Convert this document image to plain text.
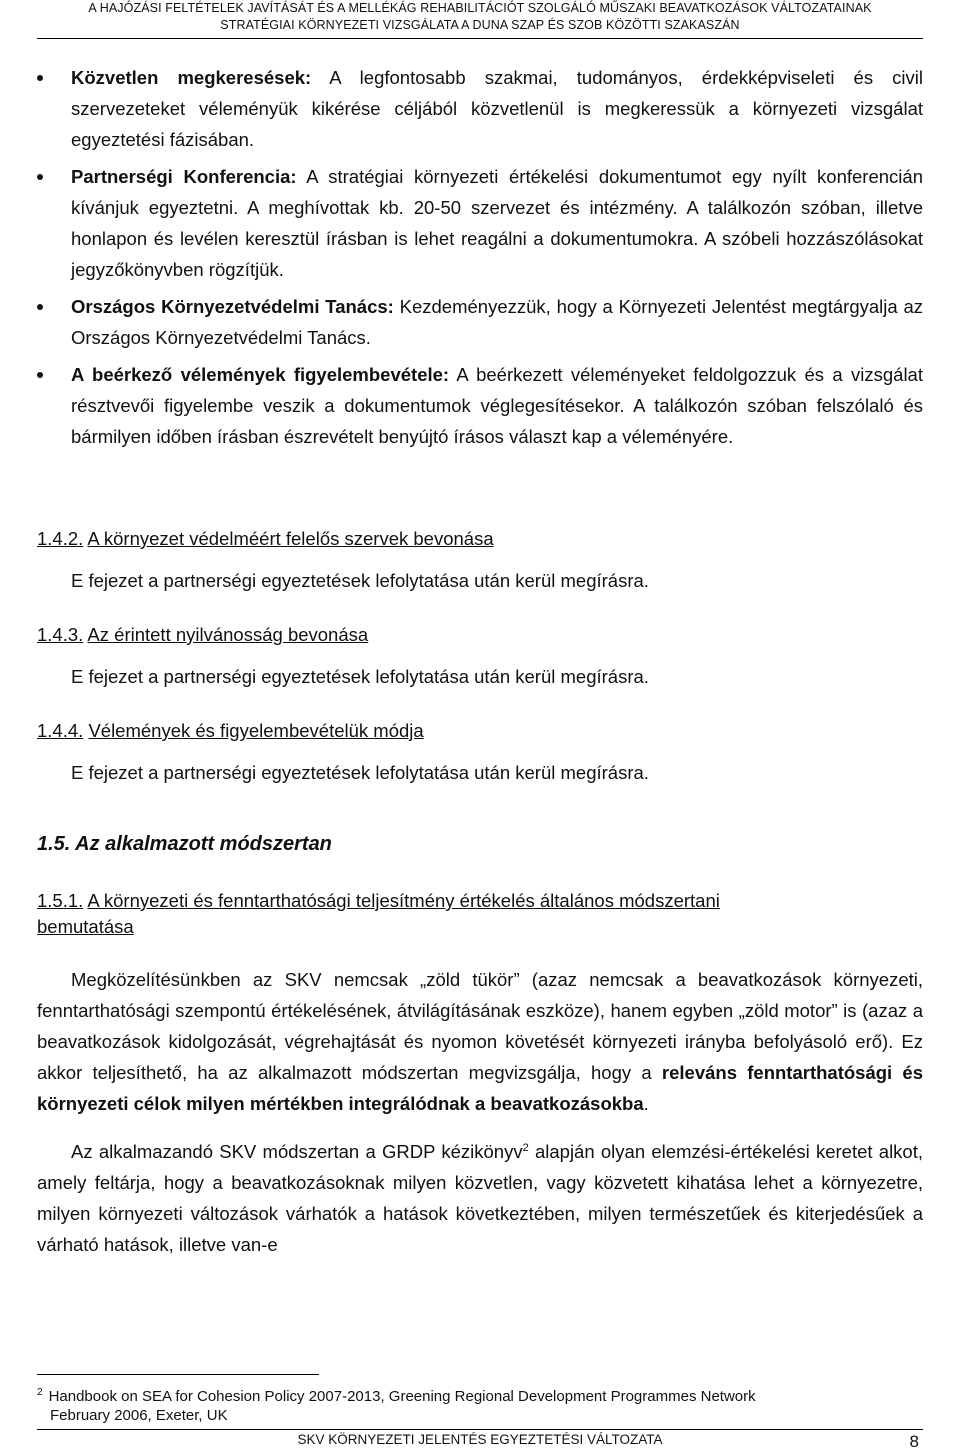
A HAJÓZÁSI FELTÉTELEK JAVÍTÁSÁT ÉS A MELLÉKÁG REHABILITÁCIÓT SZOLGÁLÓ MŰSZAKI BEAVATKOZÁSOK VÁLTOZATAINAK
STRATÉGIAI KÖRNYEZETI VIZSGÁLATA A DUNA SZAP ÉS SZOB KÖZÖTTI SZAKASZÁN
Közvetlen megkeresések: A legfontosabb szakmai, tudományos, érdekképviseleti és civil szervezeteket véleményük kikérése céljából közvetlenül is megkeressük a környezeti vizsgálat egyeztetési fázisában.
Partnerségi Konferencia: A stratégiai környezeti értékelési dokumentumot egy nyílt konferencián kívánjuk egyeztetni. A meghívottak kb. 20-50 szervezet és intézmény. A találkozón szóban, illetve honlapon és levélen keresztül írásban is lehet reagálni a dokumentumokra. A szóbeli hozzászólásokat jegyzőkönyvben rögzítjük.
Országos Környezetvédelmi Tanács: Kezdeményezzük, hogy a Környezeti Jelentést megtárgyalja az Országos Környezetvédelmi Tanács.
A beérkező vélemények figyelembevétele: A beérkezett véleményeket feldolgozzuk és a vizsgálat résztvevői figyelembe veszik a dokumentumok véglegesítésekor. A találkozón szóban felszólaló és bármilyen időben írásban észrevételt benyújtó írásos választ kap a véleményére.
1.4.2. A környezet védelméért felelős szervek bevonása

E fejezet a partnerségi egyeztetések lefolytatása után kerül megírásra.

1.4.3. Az érintett nyilvánosság bevonása

E fejezet a partnerségi egyeztetések lefolytatása után kerül megírásra.

1.4.4. Vélemények és figyelembevételük módja

E fejezet a partnerségi egyeztetések lefolytatása után kerül megírásra.

1.5. Az alkalmazott módszertan
1.5.1. A környezeti és fenntarthatósági teljesítmény értékelés általános módszertani
bemutatása

Megközelítésünkben az SKV nemcsak „zöld tükör” (azaz nemcsak a beavatkozások környezeti, fenntarthatósági szempontú értékelésének, átvilágításának eszköze), hanem egyben „zöld motor” is (azaz a beavatkozások kidolgozását, végrehajtását és nyomon követését környezeti irányba befolyásoló erő). Ez akkor teljesíthető, ha az alkalmazott módszertan megvizsgálja, hogy a releváns fenntarthatósági és környezeti célok milyen mértékben integrálódnak a beavatkozásokba.

Az alkalmazandó SKV módszertan a GRDP kézikönyv$^2$ alapján olyan elemzési-értékelési keretet alkot, amely feltárja, hogy a beavatkozásoknak milyen közvetlen, vagy közvetett kihatása lehet a környezetre, milyen környezeti változások várhatók a hatások következtében, milyen természetűek és kiterjedésűek a várható hatások, illetve van-e

$^2$ Handbook on SEA for Cohesion Policy 2007-2013, Greening Regional Development Programmes Network
February 2006, Exeter, UK
SKV KÖRNYEZETI JELENTÉS EGYEZTETÉSI VÁLTOZATA	8
